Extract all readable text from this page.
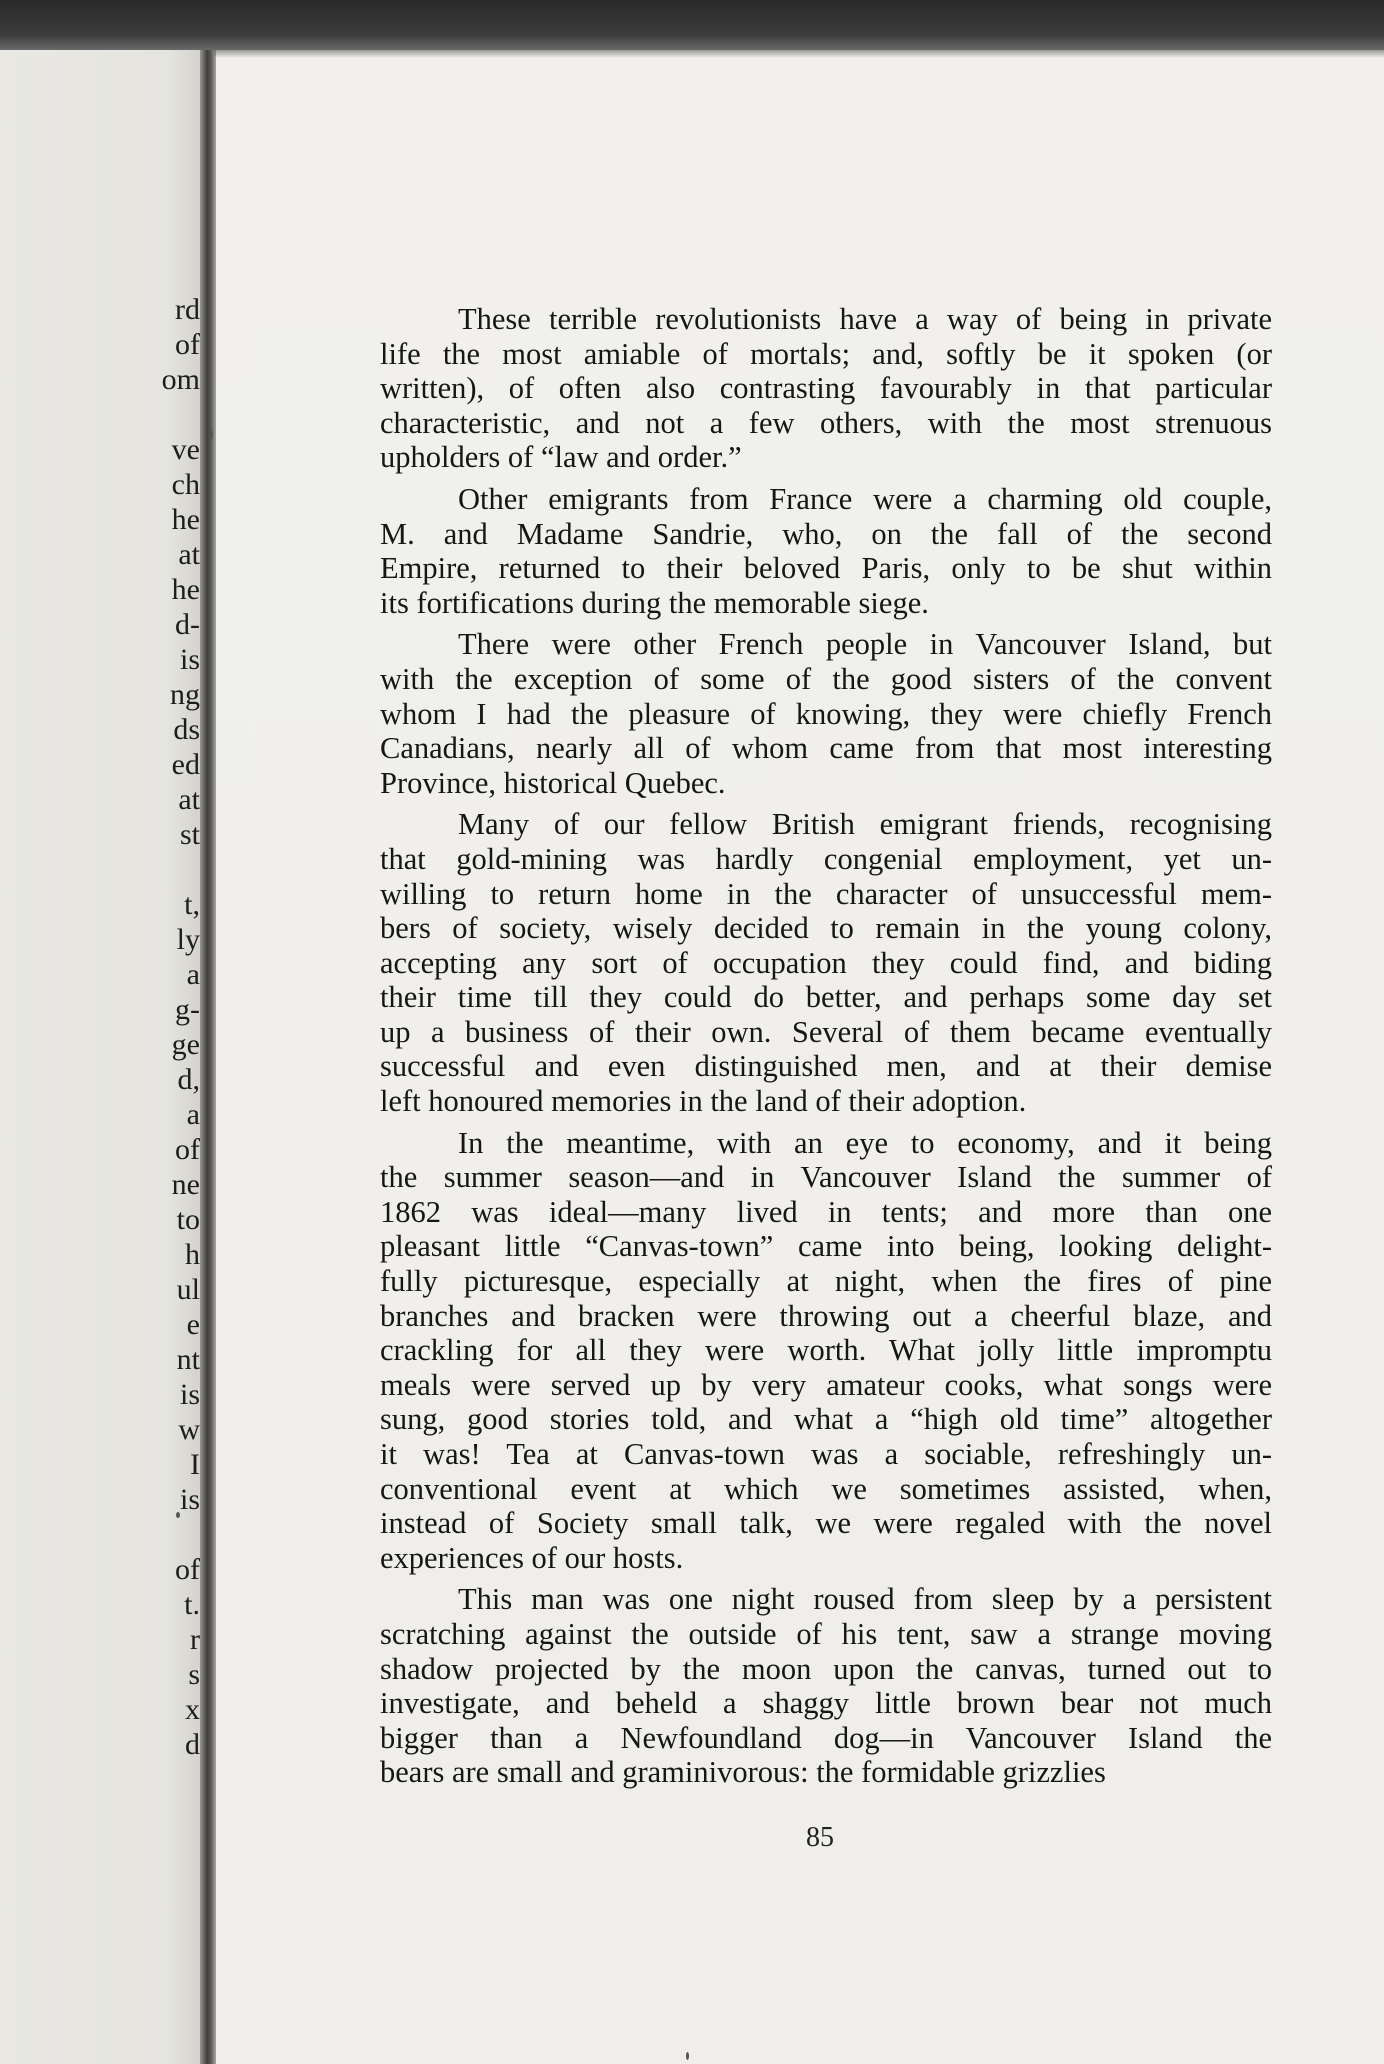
rd
of
om
ve
ch
he
at
he
d-
is
ng
ds
ed
at
st
t,
ly
a
g-
ge
d,
a
of
ne
to
h
ul
e
nt
is
w
I
is
of
t.
r
s
x
d
These terrible revolutionists have a way of being in private
life the most amiable of mortals; and, softly be it spoken (or
written), of often also contrasting favourably in that particular
characteristic, and not a few others, with the most strenuous
upholders of “law and order.”
Other emigrants from France were a charming old couple,
M. and Madame Sandrie, who, on the fall of the second
Empire, returned to their beloved Paris, only to be shut within
its fortifications during the memorable siege.
There were other French people in Vancouver Island, but
with the exception of some of the good sisters of the convent
whom I had the pleasure of knowing, they were chiefly French
Canadians, nearly all of whom came from that most interesting
Province, historical Quebec.
Many of our fellow British emigrant friends, recognising
that gold-mining was hardly congenial employment, yet un-
willing to return home in the character of unsuccessful mem-
bers of society, wisely decided to remain in the young colony,
accepting any sort of occupation they could find, and biding
their time till they could do better, and perhaps some day set
up a business of their own. Several of them became eventually
successful and even distinguished men, and at their demise
left honoured memories in the land of their adoption.
In the meantime, with an eye to economy, and it being
the summer season—and in Vancouver Island the summer of
1862 was ideal—many lived in tents; and more than one
pleasant little “Canvas-town” came into being, looking delight-
fully picturesque, especially at night, when the fires of pine
branches and bracken were throwing out a cheerful blaze, and
crackling for all they were worth. What jolly little impromptu
meals were served up by very amateur cooks, what songs were
sung, good stories told, and what a “high old time” altogether
it was! Tea at Canvas-town was a sociable, refreshingly un-
conventional event at which we sometimes assisted, when,
instead of Society small talk, we were regaled with the novel
experiences of our hosts.
This man was one night roused from sleep by a persistent
scratching against the outside of his tent, saw a strange moving
shadow projected by the moon upon the canvas, turned out to
investigate, and beheld a shaggy little brown bear not much
bigger than a Newfoundland dog—in Vancouver Island the
bears are small and graminivorous: the formidable grizzlies
85
